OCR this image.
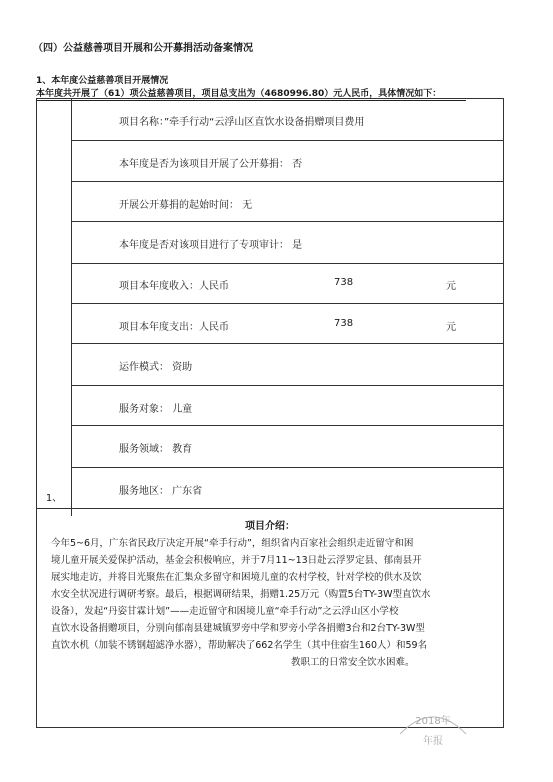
（四）公益慈善项目开展和公开募捐活动备案情况
1、本年度公益慈善项目开展情况
本年度共开展了（61）项公益慈善项目，项目总支出为（4680996.80）元人民币，具体情况如下：
1、
项目名称：”牵手行动“云浮山区直饮水设备捐赠项目费用
本年度是否为该项目开展了公开募捐： 否
开展公开募捐的起始时间： 无
本年度是否对该项目进行了专项审计： 是
项目本年度收入：人民币	738	元
项目本年度支出：人民币	738	元
运作模式： 资助
服务对象： 儿童
服务领域： 教育
服务地区： 广东省
项目介绍：
今年5~6月，广东省民政厅决定开展“牵手行动”，组织省内百家社会组织走近留守和困
境儿童开展关爱保护活动，基金会积极响应，并于7月11~13日赴云浮罗定县、郁南县开
展实地走访，并将目光聚焦在汇集众多留守和困境儿童的农村学校，针对学校的供水及饮
水安全状况进行调研考察。最后，根据调研结果，捐赠1.25万元（购置5台TY-3W型直饮水
设备），发起“丹姿甘霖计划”——走近留守和困境儿童“牵手行动”之云浮山区小学校
直饮水设备捐赠项目，分别向郁南县建城镇罗旁中学和罗旁小学各捐赠3台和2台TY-3W型
直饮水机（加装不锈钢超滤净水器），帮助解决了662名学生（其中住宿生160人）和59名
教职工的日常安全饮水困难。
2018年
年报
